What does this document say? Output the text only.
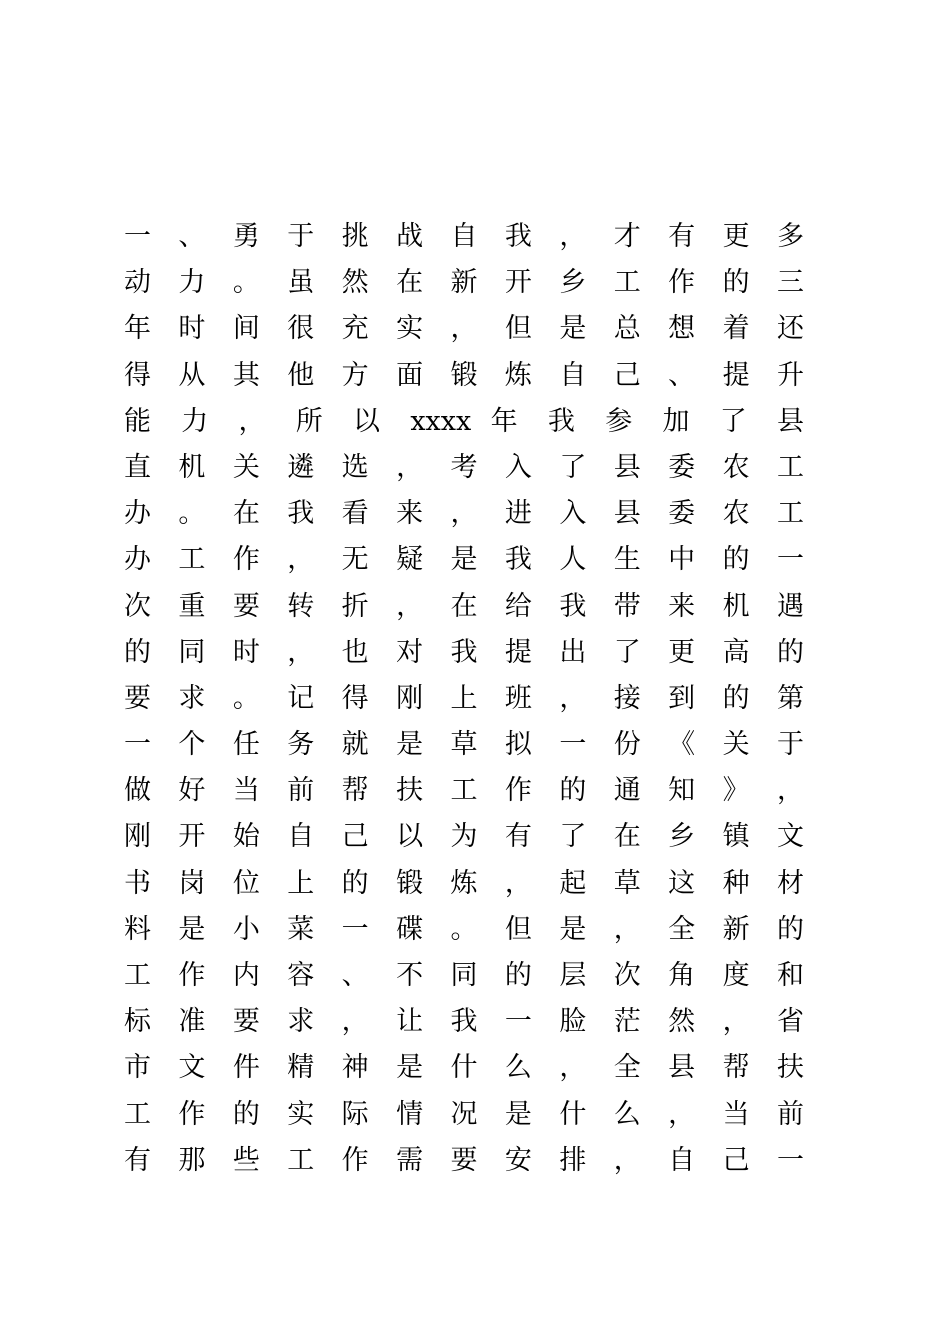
一 、 勇 于 挑 战 自 我 ， 才 有 更 多
动 力 。 虽 然 在 新 开 乡 工 作 的 三
年 时 间 很 充 实 ， 但 是 总 想 着 还
得 从 其 他 方 面 锻 炼 自 己 、 提 升
能 力 ， 所 以 xxxx 年 我 参 加 了 县
直 机 关 遴 选 ， 考 入 了 县 委 农 工
办 。 在 我 看 来 ， 进 入 县 委 农 工
办 工 作 ， 无 疑 是 我 人 生 中 的 一
次 重 要 转 折 ， 在 给 我 带 来 机 遇
的 同 时 ， 也 对 我 提 出 了 更 高 的
要 求 。 记 得 刚 上 班 ， 接 到 的 第
一 个 任 务 就 是 草 拟 一 份 《 关 于
做 好 当 前 帮 扶 工 作 的 通 知 》 ，
刚 开 始 自 己 以 为 有 了 在 乡 镇 文
书 岗 位 上 的 锻 炼 ， 起 草 这 种 材
料 是 小 菜 一 碟 。 但 是 ， 全 新 的
工 作 内 容 、 不 同 的 层 次 角 度 和
标 准 要 求 ， 让 我 一 脸 茫 然 ， 省
市 文 件 精 神 是 什 么 ， 全 县 帮 扶
工 作 的 实 际 情 况 是 什 么 ， 当 前
有 那 些 工 作 需 要 安 排 ， 自 己 一
